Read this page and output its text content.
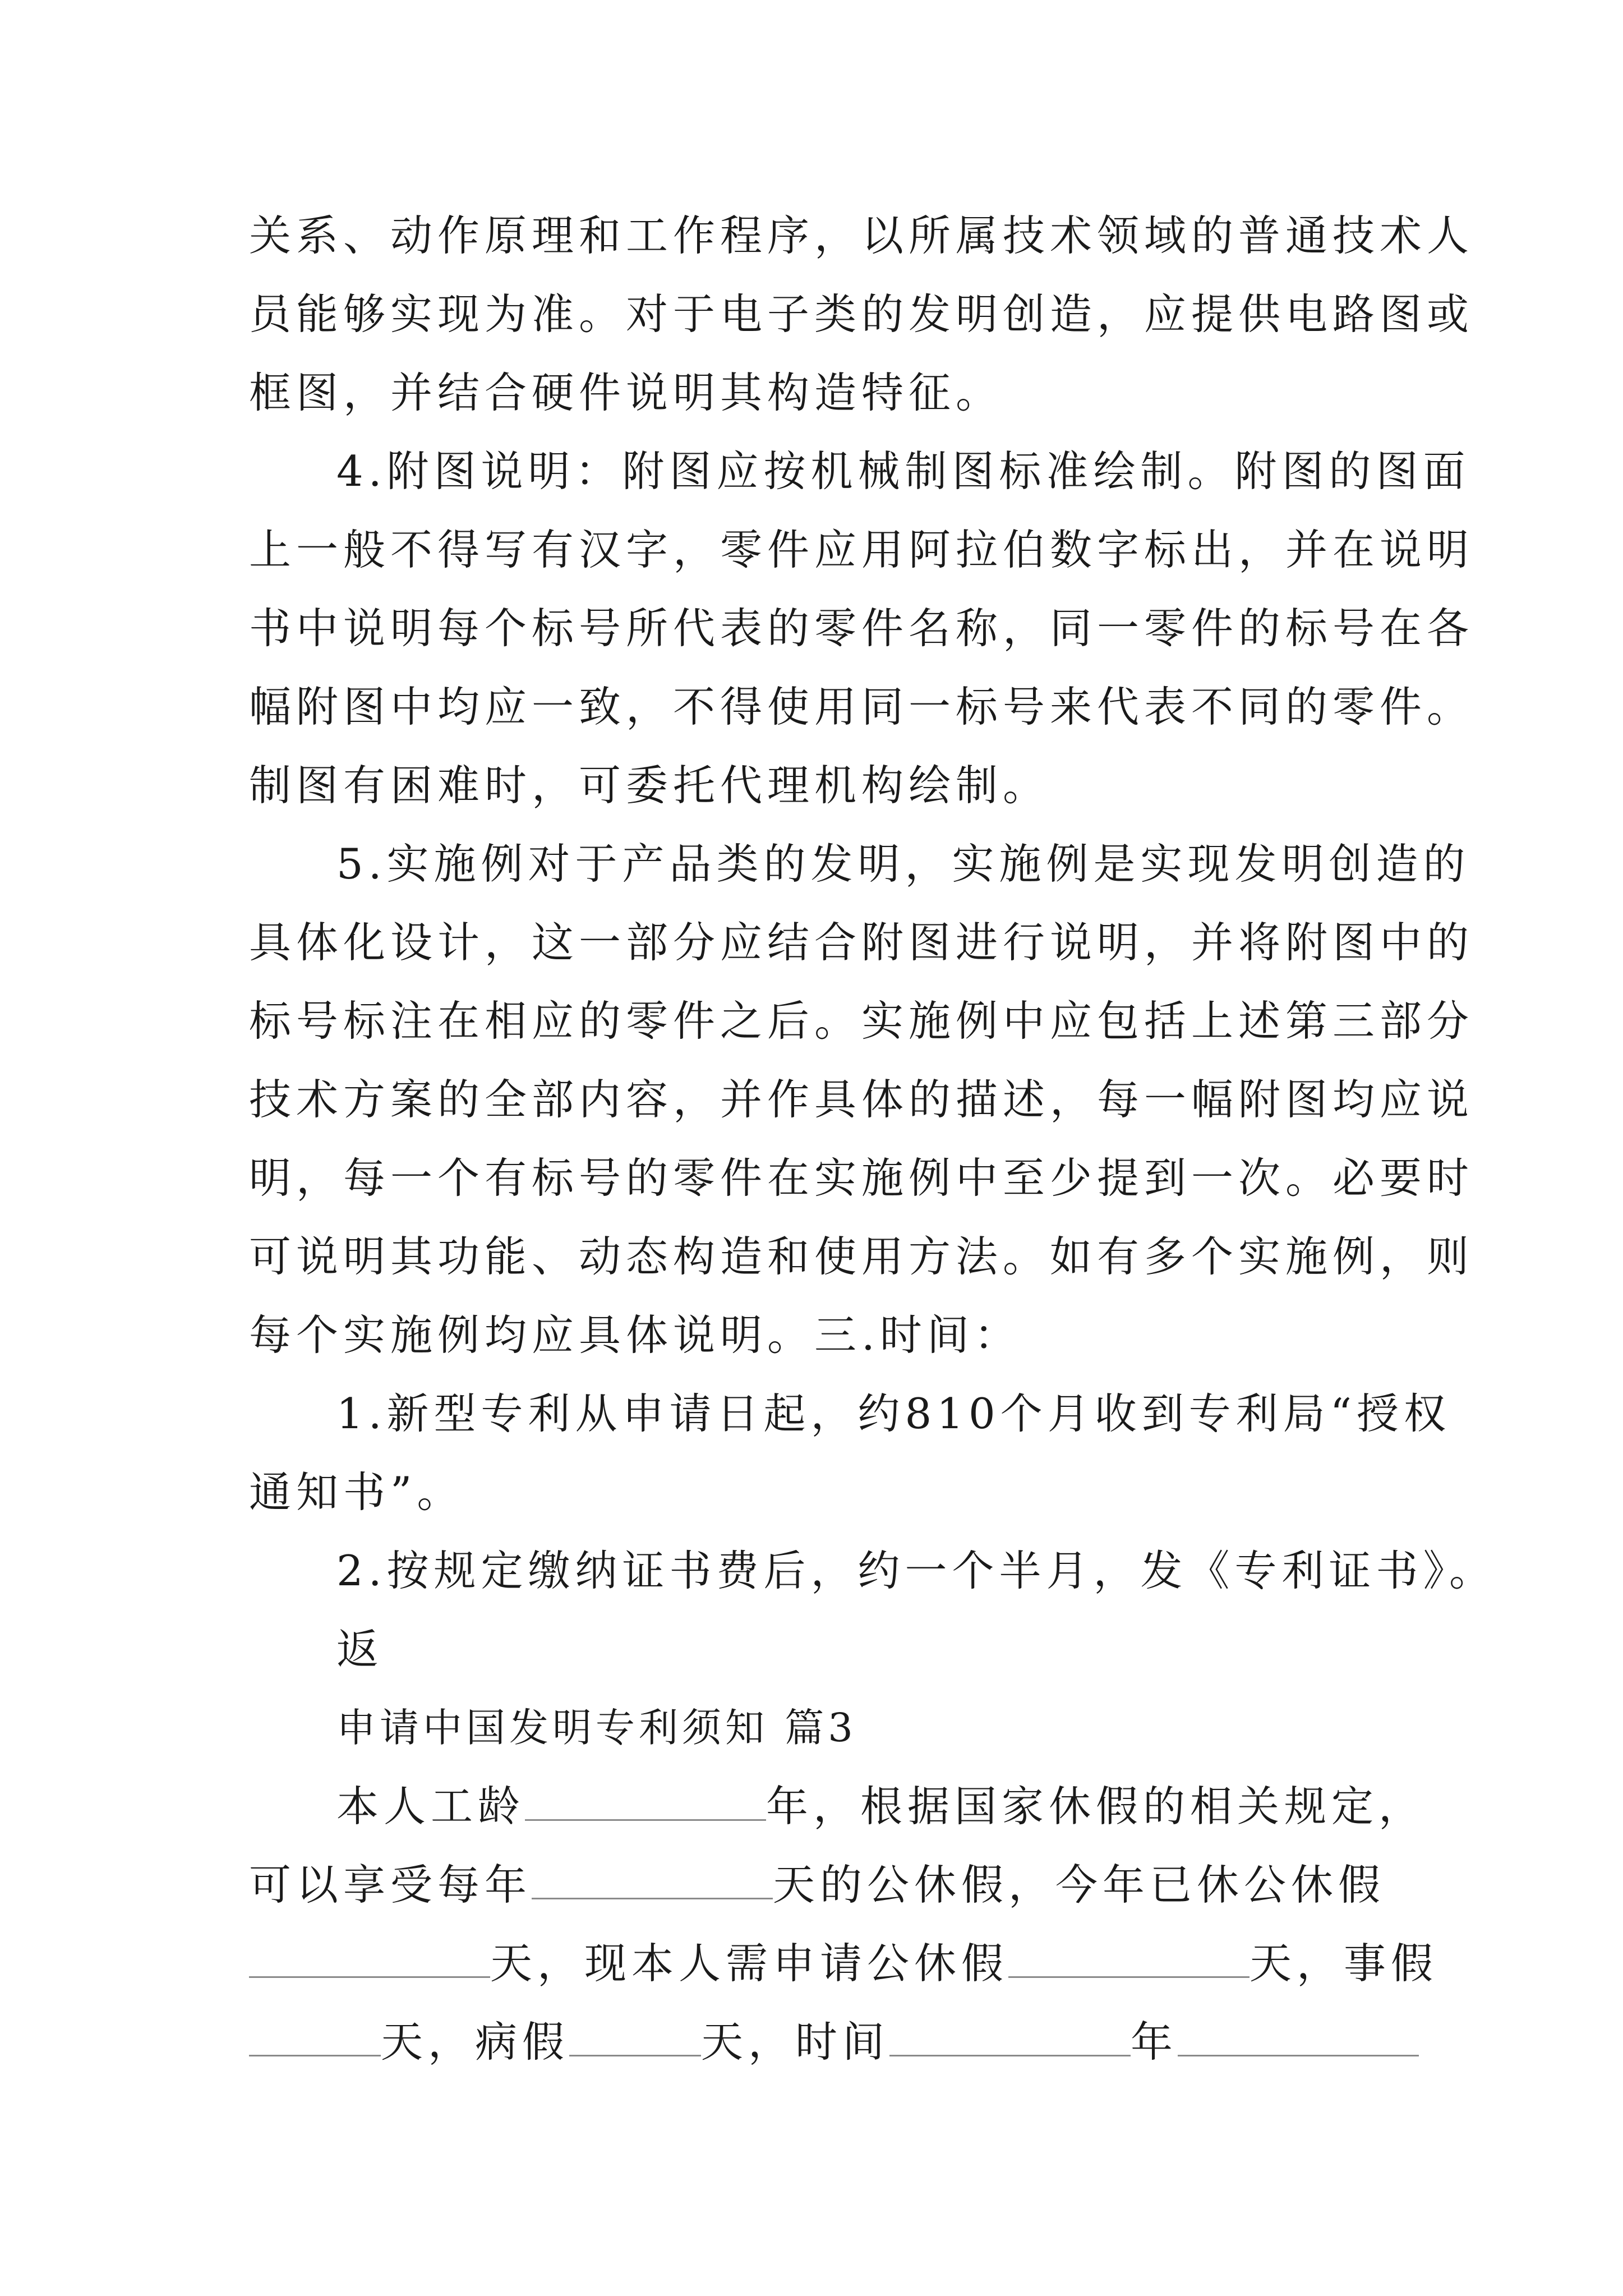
关系、动作原理和工作程序，以所属技术领域的普通技术人
员能够实现为准。对于电子类的发明创造，应提供电路图或
框图，并结合硬件说明其构造特征。
4.附图说明：附图应按机械制图标准绘制。附图的图面
上一般不得写有汉字，零件应用阿拉伯数字标出，并在说明
书中说明每个标号所代表的零件名称，同一零件的标号在各
幅附图中均应一致，不得使用同一标号来代表不同的零件。
制图有困难时，可委托代理机构绘制。
5.实施例对于产品类的发明，实施例是实现发明创造的
具体化设计，这一部分应结合附图进行说明，并将附图中的
标号标注在相应的零件之后。实施例中应包括上述第三部分
技术方案的全部内容，并作具体的描述，每一幅附图均应说
明，每一个有标号的零件在实施例中至少提到一次。必要时
可说明其功能、动态构造和使用方法。如有多个实施例，则
每个实施例均应具体说明。三.时间：
1.新型专利从申请日起，约810个月收到专利局“授权
通知书”。
2.按规定缴纳证书费后，约一个半月，发《专利证书》。
返
申请中国发明专利须知 篇3
本人工龄	年，根据国家休假的相关规定，
可以享受每年	天的公休假，今年已休公休假
天，现本人需申请公休假	天，事假
天，病假	天，时间	年
